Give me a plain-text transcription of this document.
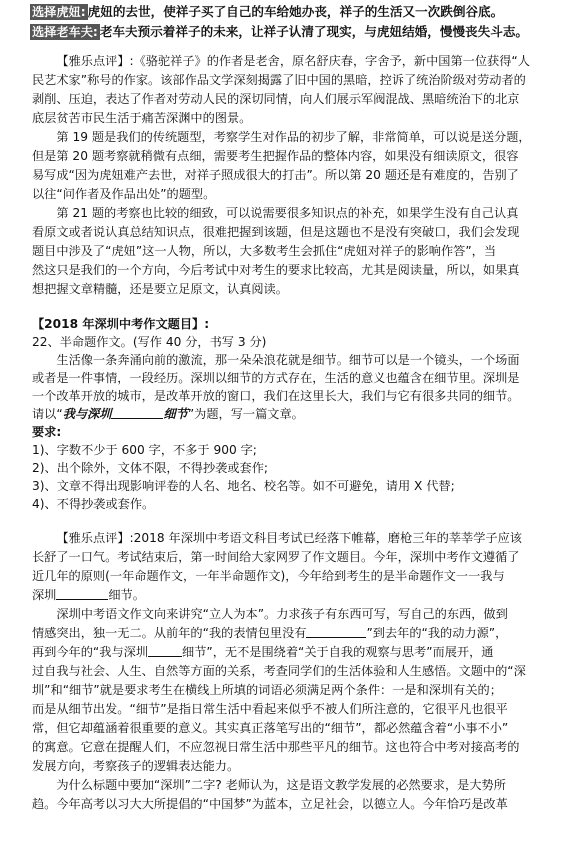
选择虎妞: 虎妞的去世，使祥子买了自己的车给她办丧，祥子的生活又一次跌倒谷底。
选择老车夫: 老车夫预示着祥子的未来，让祥子认清了现实，与虎妞结婚，慢慢丧失斗志。
【雅乐点评】:《骆驼祥子》的作者是老舍，原名舒庆春，字舍予，新中国第一位获得“人
民艺术家”称号的作家。该部作品文学深刻揭露了旧中国的黑暗，控诉了统治阶级对劳动者的
剥削、压迫，表达了作者对劳动人民的深切同情，向人们展示军阀混战、黑暗统治下的北京
底层贫苦市民生活于痛苦深渊中的图景。
第 19 题是我们的传统题型，考察学生对作品的初步了解，非常简单，可以说是送分题，
但是第 20 题考察就稍微有点细，需要考生把握作品的整体内容，如果没有细读原文，很容
易写成“因为虎妞难产去世，对祥子照成很大的打击”。所以第 20 题还是有难度的，告别了
以往“问作者及作品出处”的题型。
第 21 题的考察也比较的细致，可以说需要很多知识点的补充，如果学生没有自己认真
看原文或者说认真总结知识点，很难把握到该题，但是这题也不是没有突破口，我们会发现
题目中涉及了“虎妞”这一人物，所以，大多数考生会抓住“虎妞对祥子的影响作答”，当
然这只是我们的一个方向，今后考试中对考生的要求比较高，尤其是阅读量，所以，如果真
想把握文章精髓，还是要立足原文，认真阅读。
【2018 年深圳中考作文题目】:
22、半命题作文。(写作 40 分，书写 3 分)
生活像一条奔涌向前的激流，那一朵朵浪花就是细节。细节可以是一个镜头，一个场面
或者是一件事情，一段经历。深圳以细节的方式存在，生活的意义也蕴含在细节里。深圳是
一个改革开放的城市，是改革开放的窗口，我们在这里长大，我们与它有很多共同的细节。
请以“我与深圳	细节”为题，写一篇文章。
要求:
1)、字数不少于 600 字，不多于 900 字;
2)、出个除外，文体不限，不得抄袭或套作;
3)、文章不得出现影响评卷的人名、地名、校名等。如不可避免，请用 X 代替;
4)、不得抄袭或套作。
【雅乐点评】:2018 年深圳中考语文科目考试已经落下帷幕，磨枪三年的莘莘学子应该
长舒了一口气。考试结束后，第一时间给大家网罗了作文题目。今年，深圳中考作文遵循了
近几年的原则(一年命题作文，一年半命题作文)，今年给到考生的是半命题作文一一我与
深圳	细节。
深圳中考语文作文向来讲究“立人为本”。力求孩子有东西可写，写自己的东西，做到
情感突出，独一无二。从前年的“我的表情包里没有	”到去年的“我的动力源”，
再到今年的“我与深圳	细节”，无不是围绕着“关于自我的观察与思考”而展开，通
过自我与社会、人生、自然等方面的关系，考查同学们的生活体验和人生感悟。文题中的“深
圳”和“细节”就是要求考生在横线上所填的词语必须满足两个条件：一是和深圳有关的；
而是从细节出发。“细节”是指日常生活中看起来似乎不被人们所注意的，它很平凡也很平
常，但它却蕴涵着很重要的意义。其实真正落笔写出的“细节”，都必然蕴含着“小事不小”
的寓意。它意在提醒人们，不应忽视日常生活中那些平凡的细节。这也符合中考对接高考的
发展方向，考察孩子的逻辑表达能力。
为什么标题中要加“深圳”二字? 老师认为，这是语文教学发展的必然要求，是大势所
趋。今年高考以习大大所提倡的“中国梦”为蓝本，立足社会，以德立人。今年恰巧是改革
